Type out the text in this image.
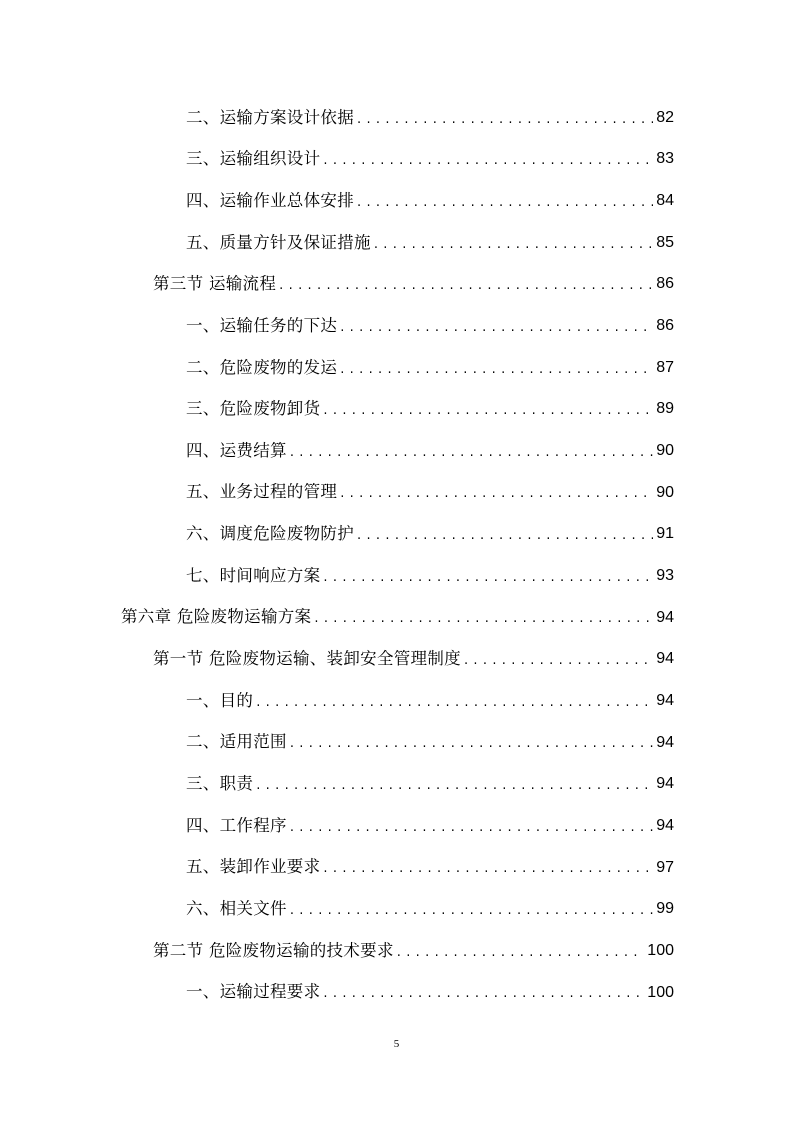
二、运输方案设计依据 . . .	82
三、运输组织设计 . . .	83
四、运输作业总体安排 . . .	84
五、质量方针及保证措施 . . .	85
第三节 运输流程 . . .	86
一、运输任务的下达 . . .	86
二、危险废物的发运 . . .	87
三、危险废物卸货 . . .	89
四、运费结算 . . .	90
五、业务过程的管理 . . .	90
六、调度危险废物防护 . . .	91
七、时间响应方案 . . .	93
第六章 危险废物运输方案 . . .	94
第一节 危险废物运输、装卸安全管理制度 . . .	94
一、目的 . . .	94
二、适用范围 . . .	94
三、职责 . . .	94
四、工作程序 . . .	94
五、装卸作业要求 . . .	97
六、相关文件 . . .	99
第二节 危险废物运输的技术要求 . . .	100
一、运输过程要求 . . .	100
5
